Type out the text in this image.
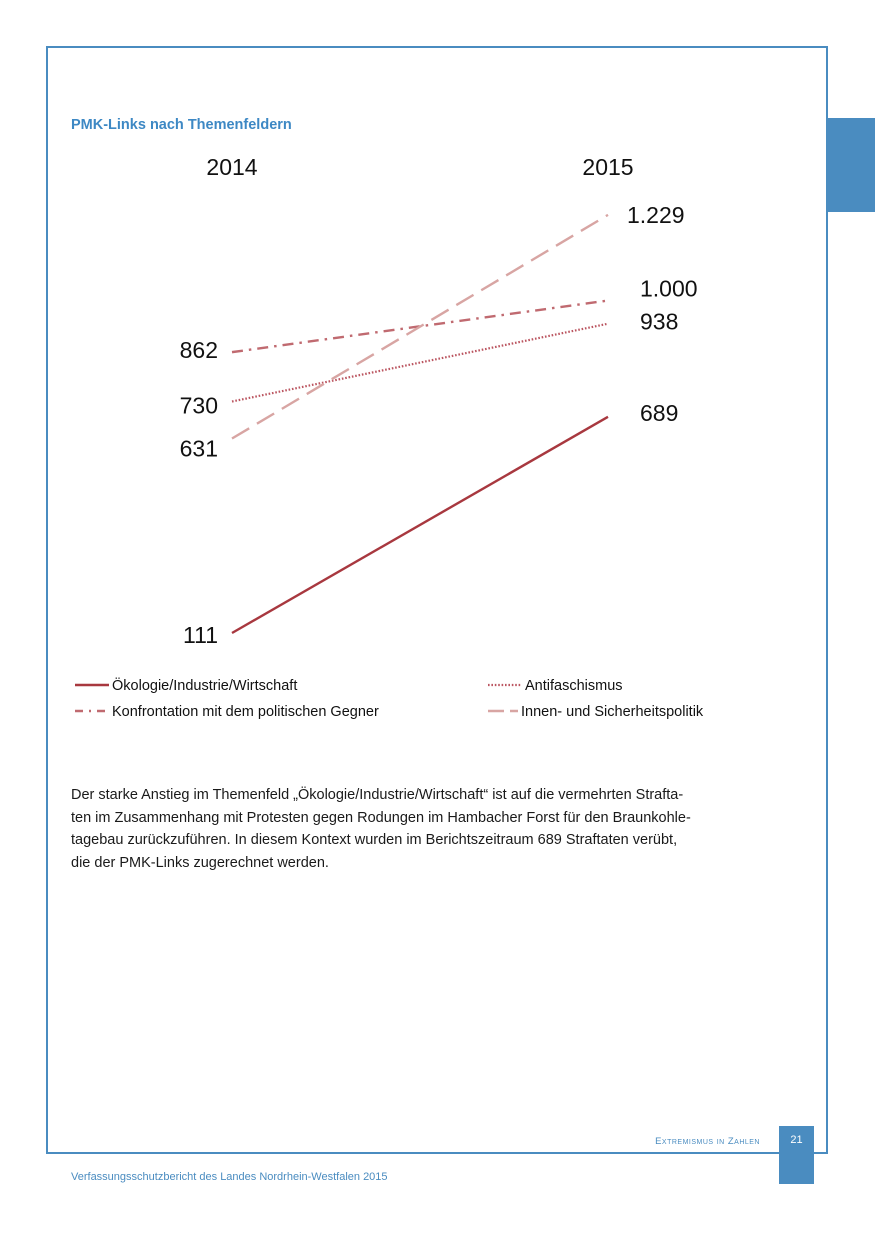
PMK-Links nach Themenfeldern
2014	2015
111
689
730
938
862
1.000
631
1.229
Ökologie/Industrie/Wirtschaft	Antifaschismus
Konfrontation mit dem politischen Gegner	Innen- und Sicherheitspolitik
Der starke Anstieg im Themenfeld „Ökologie/Industrie/Wirtschaft“ ist auf die vermehrten Strafta-
ten im Zusammenhang mit Protesten gegen Rodungen im Hambacher Forst für den Braunkohle-
tagebau zurückzuführen. In diesem Kontext wurden im Berichtszeitraum 689 Straftaten verübt,
die der PMK-Links zugerechnet werden.
Extremismus in Zahlen	21
Verfassungsschutzbericht des Landes Nordrhein-Westfalen 2015
